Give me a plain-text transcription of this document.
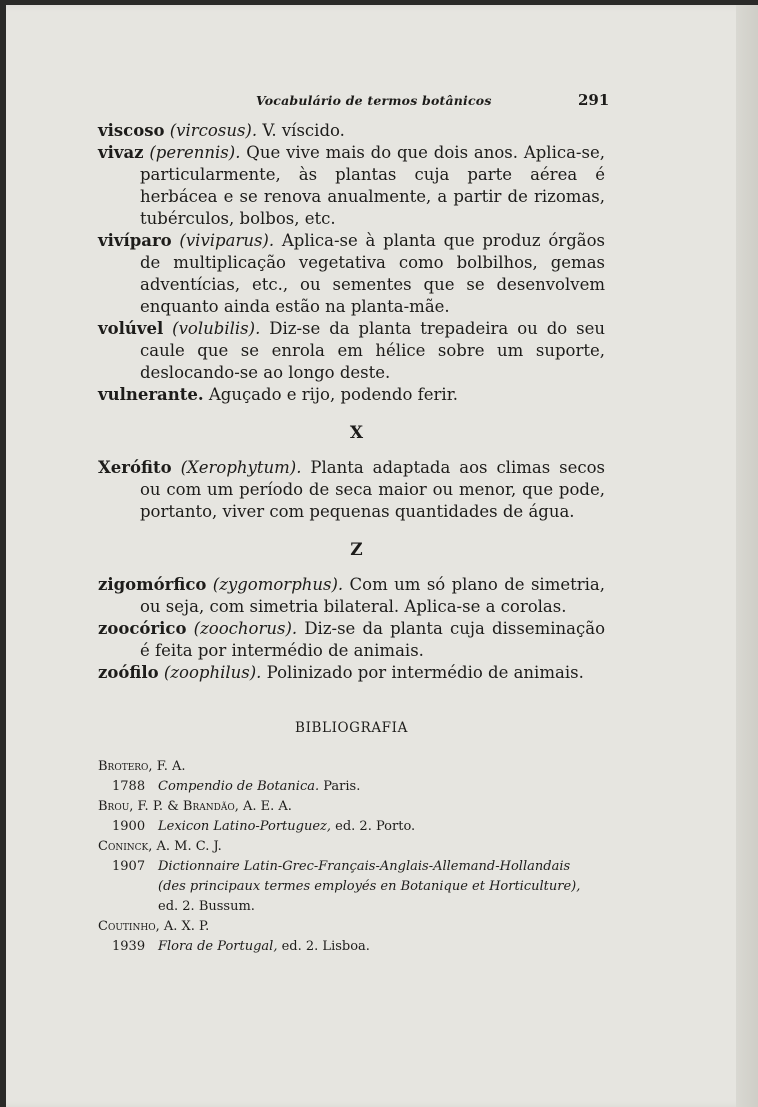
Vocabulário de termos botânicos	291

viscoso (vircosus). V. víscido.

vivaz (perennis). Que vive mais do que dois anos. Aplica-se, particularmente, às plantas cuja parte aérea é herbácea e se renova anualmente, a partir de rizomas, tubérculos, bolbos, etc.

vivíparo (viviparus). Aplica-se à planta que produz órgãos de multiplicação vegetativa como bolbilhos, gemas adventícias, etc., ou sementes que se desenvolvem enquanto ainda estão na planta-mãe.

volúvel (volubilis). Diz-se da planta trepadeira ou do seu caule que se enrola em hélice sobre um suporte, deslocando-se ao longo deste.

vulnerante. Aguçado e rijo, podendo ferir.

X

Xerófito (Xerophytum). Planta adaptada aos climas secos ou com um período de seca maior ou menor, que pode, portanto, viver com pequenas quantidades de água.

Z

zigomórfico (zygomorphus). Com um só plano de simetria, ou seja, com simetria bilateral. Aplica-se a corolas.

zoocórico (zoochorus). Diz-se da planta cuja disseminação é feita por intermédio de animais.

zoófilo (zoophilus). Polinizado por intermédio de animais.

BIBLIOGRAFIA

Brotero, F. A.

1788 Compendio de Botanica. Paris.

Brou, F. P. & Brandão, A. E. A.

1900 Lexicon Latino-Portuguez, ed. 2. Porto.

Coninck, A. M. C. J.

1907 Dictionnaire Latin-Grec-Français-Anglais-Allemand-Hollandais (des principaux termes employés en Botanique et Horticulture), ed. 2. Bussum.

Coutinho, A. X. P.

1939 Flora de Portugal, ed. 2. Lisboa.
